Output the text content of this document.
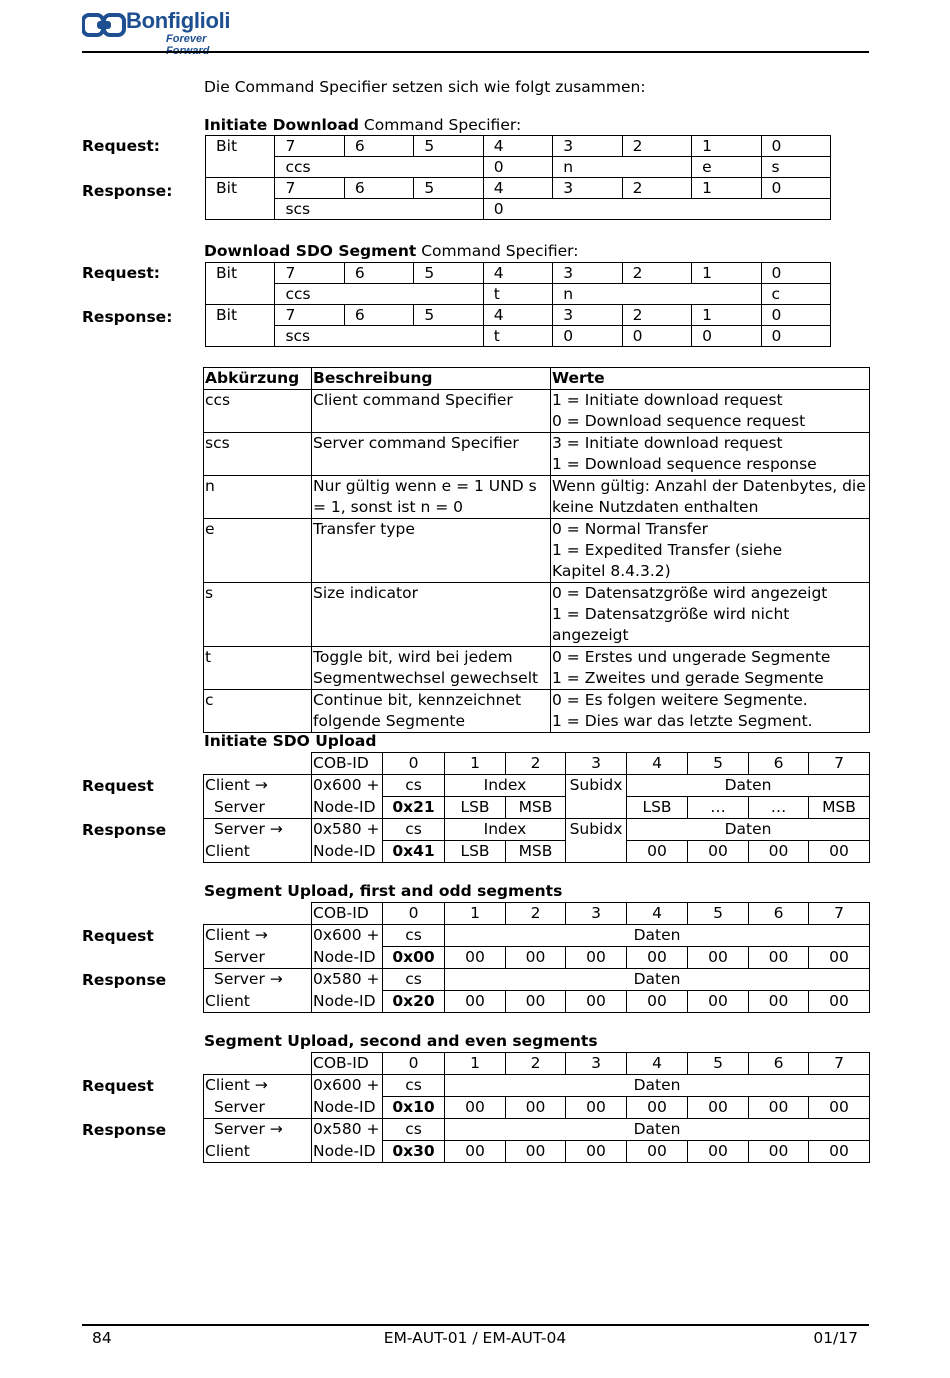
Bonfiglioli
Forever
Die Command Specifier setzen sich wie folgt zusammen:
Initiate Download Command Specifier:
Request:
Response:
Bit	7	6	5	4	3	2	1	0
	ccs			0	n		e	s
Bit	7	6	5	4	3	2	1	0
	scs			0				
Download SDO Segment Command Specifier:
Request:
Response:
Bit	7	6	5	4	3	2	1	0
	ccs			t	n			c
Bit	7	6	5	4	3	2	1	0
	scs			t	0	0	0	0
Abkürzung	Beschreibung	Werte
ccs	Client command Specifier	1 = Initiate download request
0 = Download sequence request

scs	Server command Specifier	3 = Initiate download request
1 = Download sequence response

n	Nur gültig wenn e = 1 UND s = 1, sonst ist n = 0	Wenn gültig: Anzahl der Datenbytes, die keine Nutzdaten enthalten

e	Transfer type	0 = Normal Transfer
1 = Expedited Transfer (siehe Kapitel 8.4.3.2)

s	Size indicator	0 = Datensatzgröße wird angezeigt
1 = Datensatzgröße wird nicht angezeigt

t	Toggle bit, wird bei jedem Segmentwechsel gewechselt	0 = Erstes und ungerade Segmente
1 = Zweites und gerade Segmente

c	Continue bit, kennzeichnet folgende Segmente	0 = Es folgen weitere Segmente.
1 = Dies war das letzte Segment.
Initiate SDO Upload
Request
Response
	COB-ID	0	1	2	3	4	5	6	7
Client →	0x600 +	cs	Index		Subidx	Daten			
Server	Node-ID	0x21	LSB	MSB		LSB	…	…	MSB
Server →	0x580 +	cs	Index		Subidx	Daten			
Client	Node-ID	0x41	LSB	MSB		00	00	00	00
Segment Upload, first and odd segments
Request
Response
	COB-ID	0	1	2	3	4	5	6	7
Client →	0x600 +	cs	Daten						
Server	Node-ID	0x00	00	00	00	00	00	00	00
Server →	0x580 +	cs	Daten						
Client	Node-ID	0x20	00	00	00	00	00	00	00
Segment Upload, second and even segments
Request
Response
	COB-ID	0	1	2	3	4	5	6	7
Client →	0x600 +	cs	Daten						
Server	Node-ID	0x10	00	00	00	00	00	00	00
Server →	0x580 +	cs	Daten						
Client	Node-ID	0x30	00	00	00	00	00	00	00
84	EM-AUT-01 / EM-AUT-04	01/17
